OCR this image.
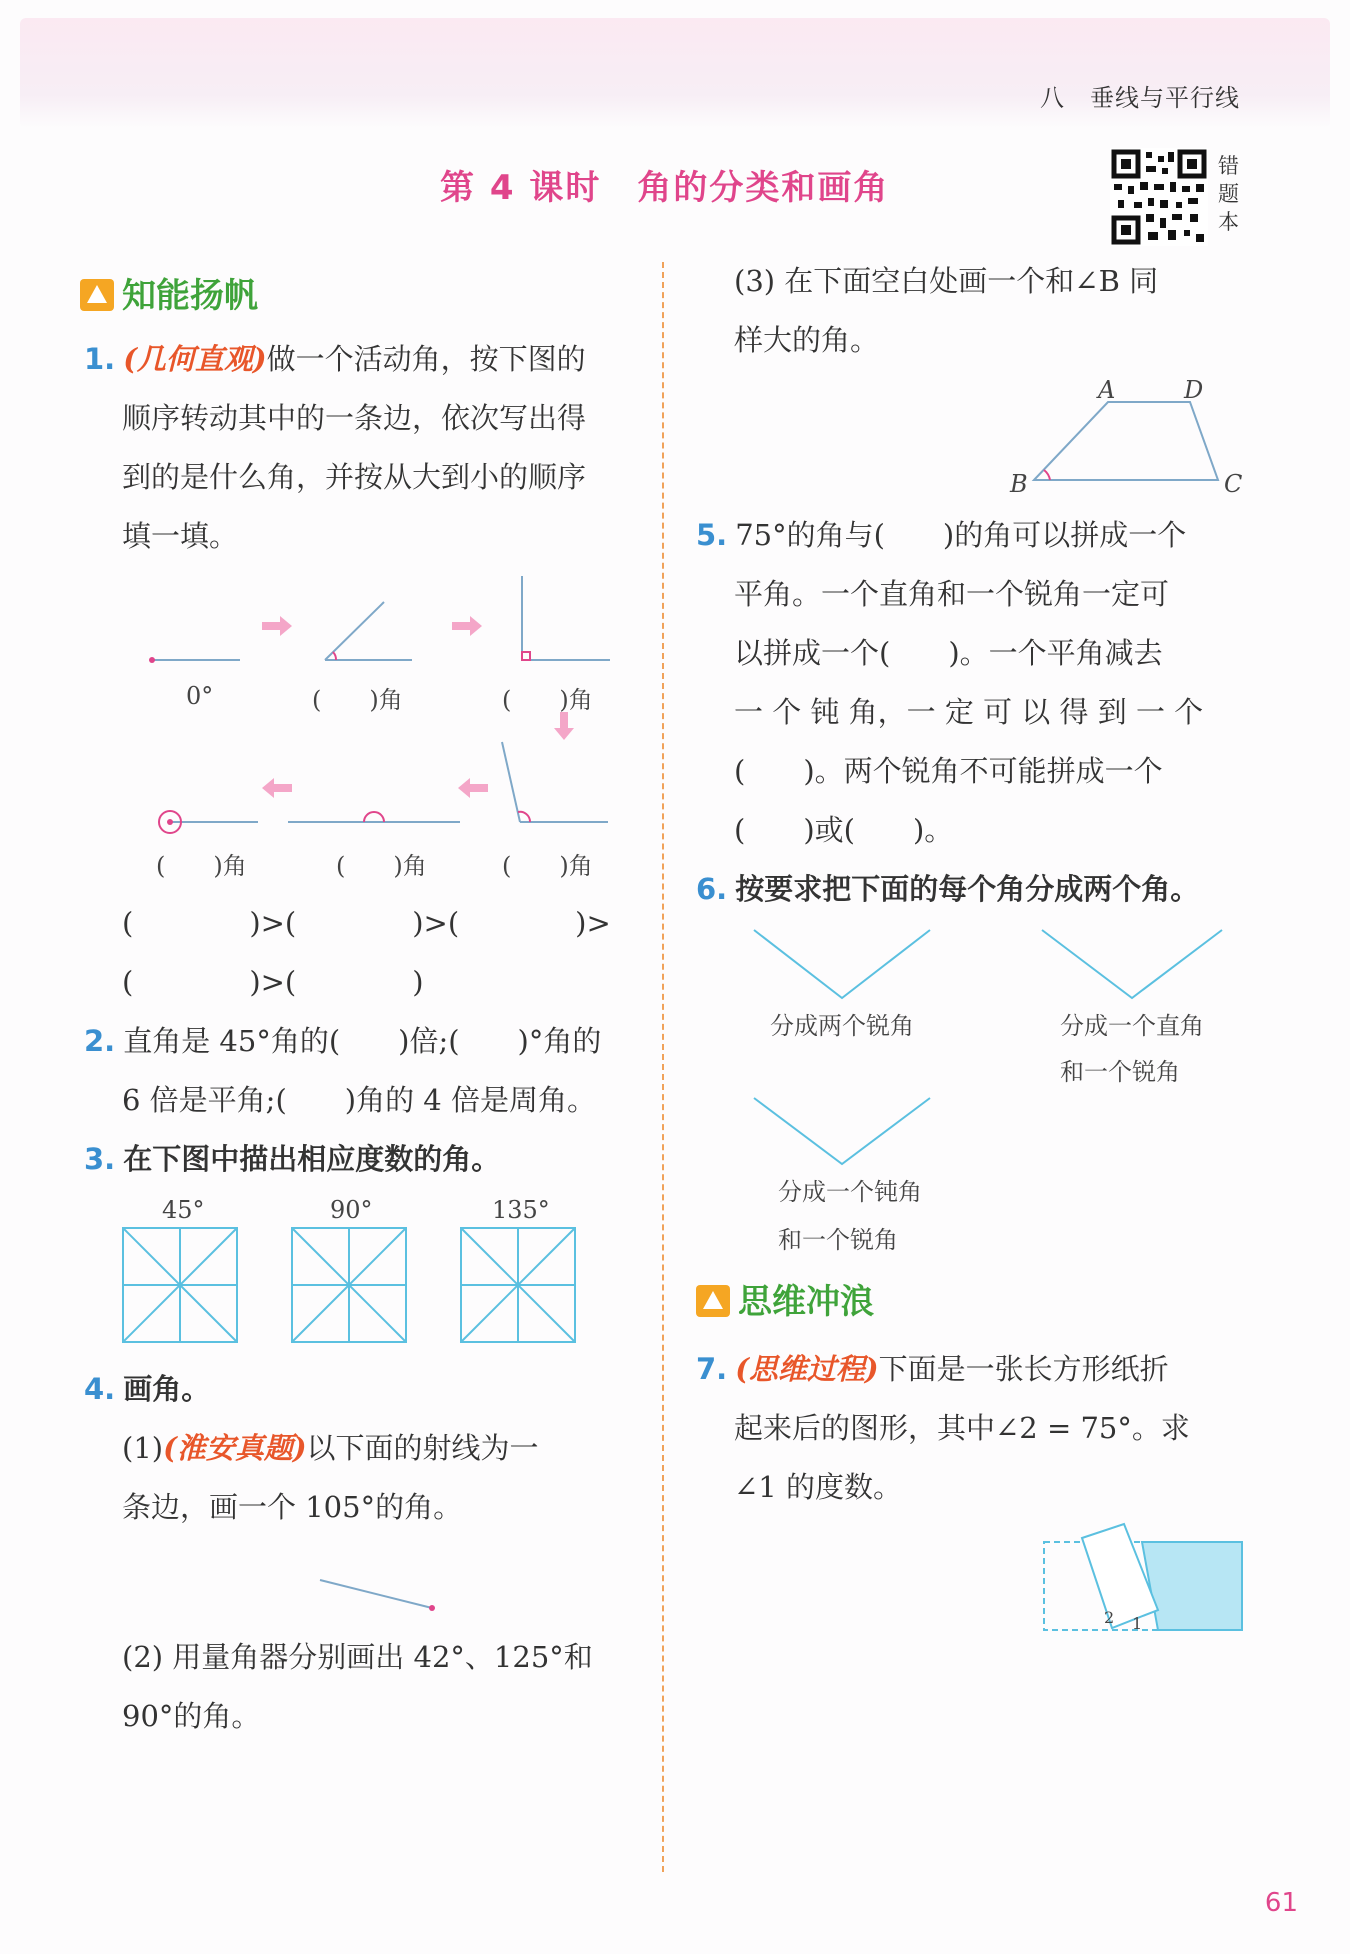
八　垂线与平行线
第 4 课时　角的分类和画角
错题本
知能扬帆
1. (几何直观)做一个活动角，按下图的
顺序转动其中的一条边，依次写出得
到的是什么角，并按从大到小的顺序
填一填。
0°	(　　)角	(　　)角
(　　)角	(　　)角	(　　)角
(　　　　)>(　　　　)>(　　　　)>
(　　　　)>(　　　　)
2. 直角是 45°角的(　　)倍;(　　)°角的
6 倍是平角;(　　)角的 4 倍是周角。
3. 在下图中描出相应度数的角。
45°	90°	135°
4. 画角。
(1)(淮安真题)以下面的射线为一
条边，画一个 105°的角。
(2) 用量角器分别画出 42°、125°和
90°的角。
(3) 在下面空白处画一个和∠B 同
样大的角。
A	D
B	C
5. 75°的角与(　　)的角可以拼成一个
平角。一个直角和一个锐角一定可
以拼成一个(　　)。一个平角减去
一 个 钝 角，一 定 可 以 得 到 一 个
(　　)。两个锐角不可能拼成一个
(　　)或(　　)。
6. 按要求把下面的每个角分成两个角。
分成两个锐角	分成一个直角
和一个锐角
分成一个钝角
和一个锐角
思维冲浪
7. (思维过程)下面是一张长方形纸折
起来后的图形，其中∠2 = 75°。求
∠1 的度数。
2 1
61
